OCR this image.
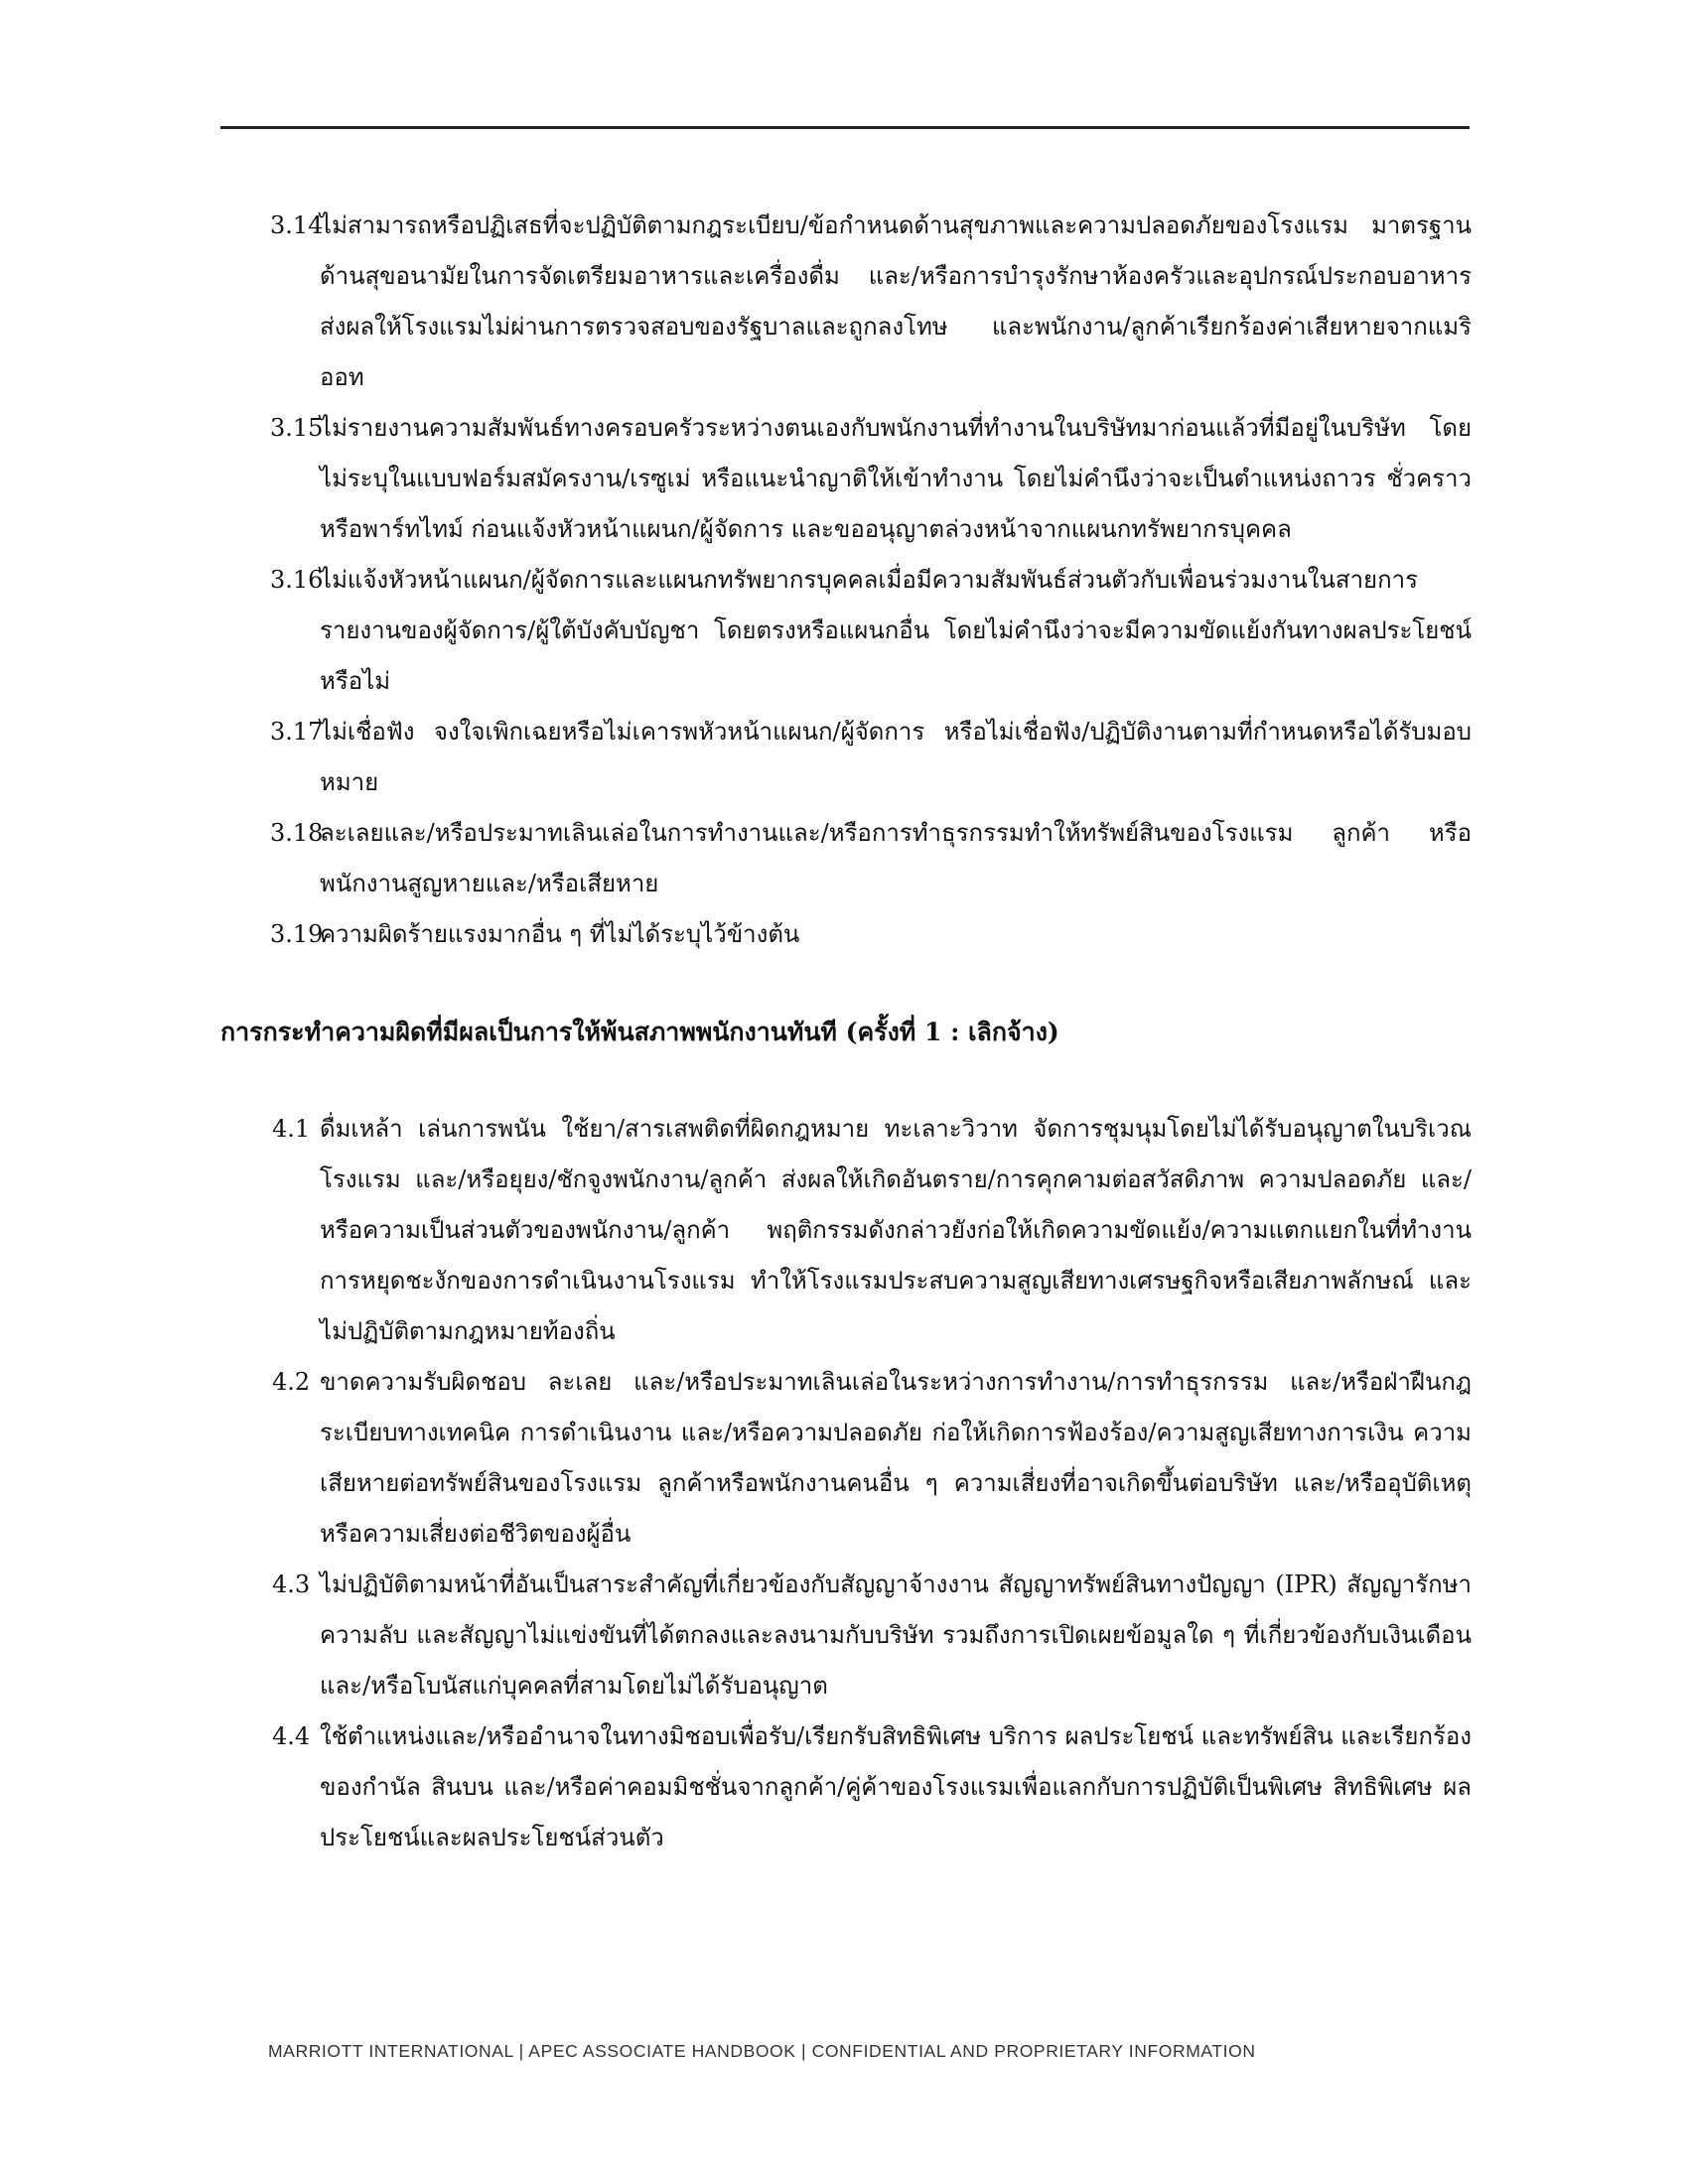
3.14
ไม่สามารถหรือปฏิเสธที่จะปฏิบัติตามกฎระเบียบ/ข้อกำหนดด้านสุขภาพและความปลอดภัยของโรงแรม มาตรฐานด้านสุขอนามัยในการจัดเตรียมอาหารและเครื่องดื่ม และ/หรือการบำรุงรักษาห้องครัวและอุปกรณ์ประกอบอาหาร ส่งผลให้โรงแรมไม่ผ่านการตรวจสอบของรัฐบาลและถูกลงโทษ และพนักงาน/ลูกค้าเรียกร้องค่าเสียหายจากแมริออท
3.15
ไม่รายงานความสัมพันธ์ทางครอบครัวระหว่างตนเองกับพนักงานที่ทำงานในบริษัทมาก่อนแล้วที่มีอยู่ในบริษัท โดยไม่ระบุในแบบฟอร์มสมัครงาน/เรซูเม่ หรือแนะนำญาติให้เข้าทำงาน โดยไม่คำนึงว่าจะเป็นตำแหน่งถาวร ชั่วคราว หรือพาร์ทไทม์ ก่อนแจ้งหัวหน้าแผนก/ผู้จัดการ และขออนุญาตล่วงหน้าจากแผนกทรัพยากรบุคคล
3.16
ไม่แจ้งหัวหน้าแผนก/ผู้จัดการและแผนกทรัพยากรบุคคลเมื่อมีความสัมพันธ์ส่วนตัวกับเพื่อนร่วมงานในสายการรายงานของผู้จัดการ/ผู้ใต้บังคับบัญชา โดยตรงหรือแผนกอื่น โดยไม่คำนึงว่าจะมีความขัดแย้งกันทางผลประโยชน์หรือไม่
3.17
ไม่เชื่อฟัง จงใจเพิกเฉยหรือไม่เคารพหัวหน้าแผนก/ผู้จัดการ หรือไม่เชื่อฟัง/ปฏิบัติงานตามที่กำหนดหรือได้รับมอบหมาย
3.18
ละเลยและ/หรือประมาทเลินเล่อในการทำงานและ/หรือการทำธุรกรรมทำให้ทรัพย์สินของโรงแรม ลูกค้า หรือพนักงานสูญหายและ/หรือเสียหาย
3.19
ความผิดร้ายแรงมากอื่น ๆ ที่ไม่ได้ระบุไว้ข้างต้น
การกระทำความผิดที่มีผลเป็นการให้พ้นสภาพพนักงานทันที (ครั้งที่ 1 : เลิกจ้าง)
4.1 ดื่มเหล้า เล่นการพนัน ใช้ยา/สารเสพติดที่ผิดกฎหมาย ทะเลาะวิวาท จัดการชุมนุมโดยไม่ได้รับอนุญาตในบริเวณโรงแรม และ/หรือยุยง/ชักจูงพนักงาน/ลูกค้า ส่งผลให้เกิดอันตราย/การคุกคามต่อสวัสดิภาพ ความปลอดภัย และ/หรือความเป็นส่วนตัวของพนักงาน/ลูกค้า พฤติกรรมดังกล่าวยังก่อให้เกิดความขัดแย้ง/ความแตกแยกในที่ทำงาน การหยุดชะงักของการดำเนินงานโรงแรม ทำให้โรงแรมประสบความสูญเสียทางเศรษฐกิจหรือเสียภาพลักษณ์ และไม่ปฏิบัติตามกฎหมายท้องถิ่น
4.2 ขาดความรับผิดชอบ ละเลย และ/หรือประมาทเลินเล่อในระหว่างการทำงาน/การทำธุรกรรม และ/หรือฝ่าฝืนกฎระเบียบทางเทคนิค การดำเนินงาน และ/หรือความปลอดภัย ก่อให้เกิดการฟ้องร้อง/ความสูญเสียทางการเงิน ความเสียหายต่อทรัพย์สินของโรงแรม ลูกค้าหรือพนักงานคนอื่น ๆ ความเสี่ยงที่อาจเกิดขึ้นต่อบริษัท และ/หรืออุบัติเหตุ หรือความเสี่ยงต่อชีวิตของผู้อื่น
4.3 ไม่ปฏิบัติตามหน้าที่อันเป็นสาระสำคัญที่เกี่ยวข้องกับสัญญาจ้างงาน สัญญาทรัพย์สินทางปัญญา (IPR) สัญญารักษาความลับ และสัญญาไม่แข่งขันที่ได้ตกลงและลงนามกับบริษัท รวมถึงการเปิดเผยข้อมูลใด ๆ ที่เกี่ยวข้องกับเงินเดือนและ/หรือโบนัสแก่บุคคลที่สามโดยไม่ได้รับอนุญาต
4.4 ใช้ตำแหน่งและ/หรืออำนาจในทางมิชอบเพื่อรับ/เรียกรับสิทธิพิเศษ บริการ ผลประโยชน์ และทรัพย์สิน และเรียกร้องของกำนัล สินบน และ/หรือค่าคอมมิชชั่นจากลูกค้า/คู่ค้าของโรงแรมเพื่อแลกกับการปฏิบัติเป็นพิเศษ สิทธิพิเศษ ผลประโยชน์และผลประโยชน์ส่วนตัว
MARRIOTT INTERNATIONAL | APEC ASSOCIATE HANDBOOK | CONFIDENTIAL AND PROPRIETARY INFORMATION
